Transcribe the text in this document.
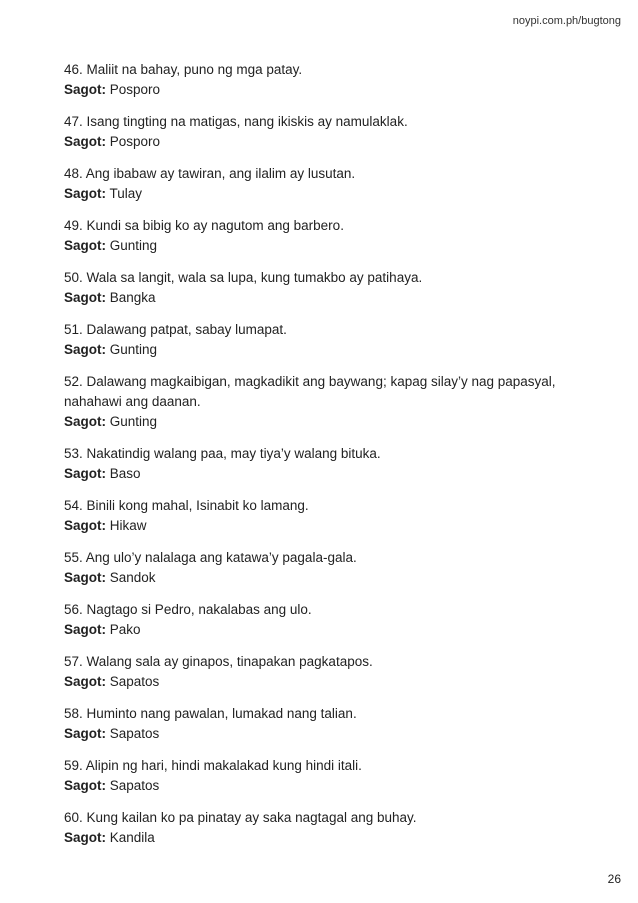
noypi.com.ph/bugtong
46. Maliit na bahay, puno ng mga patay.
Sagot: Posporo
47. Isang tingting na matigas, nang ikiskis ay namulaklak.
Sagot: Posporo
48. Ang ibabaw ay tawiran, ang ilalim ay lusutan.
Sagot: Tulay
49. Kundi sa bibig ko ay nagutom ang barbero.
Sagot: Gunting
50. Wala sa langit, wala sa lupa, kung tumakbo ay patihaya.
Sagot: Bangka
51. Dalawang patpat, sabay lumapat.
Sagot: Gunting
52. Dalawang magkaibigan, magkadikit ang baywang; kapag silay’y nag papasyal, nahahawi ang daanan.
Sagot: Gunting
53. Nakatindig walang paa, may tiya’y walang bituka.
Sagot: Baso
54. Binili kong mahal, Isinabit ko lamang.
Sagot: Hikaw
55. Ang ulo’y nalalaga ang katawa’y pagala-gala.
Sagot: Sandok
56. Nagtago si Pedro, nakalabas ang ulo.
Sagot: Pako
57. Walang sala ay ginapos, tinapakan pagkatapos.
Sagot: Sapatos
58. Huminto nang pawalan, lumakad nang talian.
Sagot: Sapatos
59. Alipin ng hari, hindi makalakad kung hindi itali.
Sagot: Sapatos
60. Kung kailan ko pa pinatay ay saka nagtagal ang buhay.
Sagot: Kandila
26
